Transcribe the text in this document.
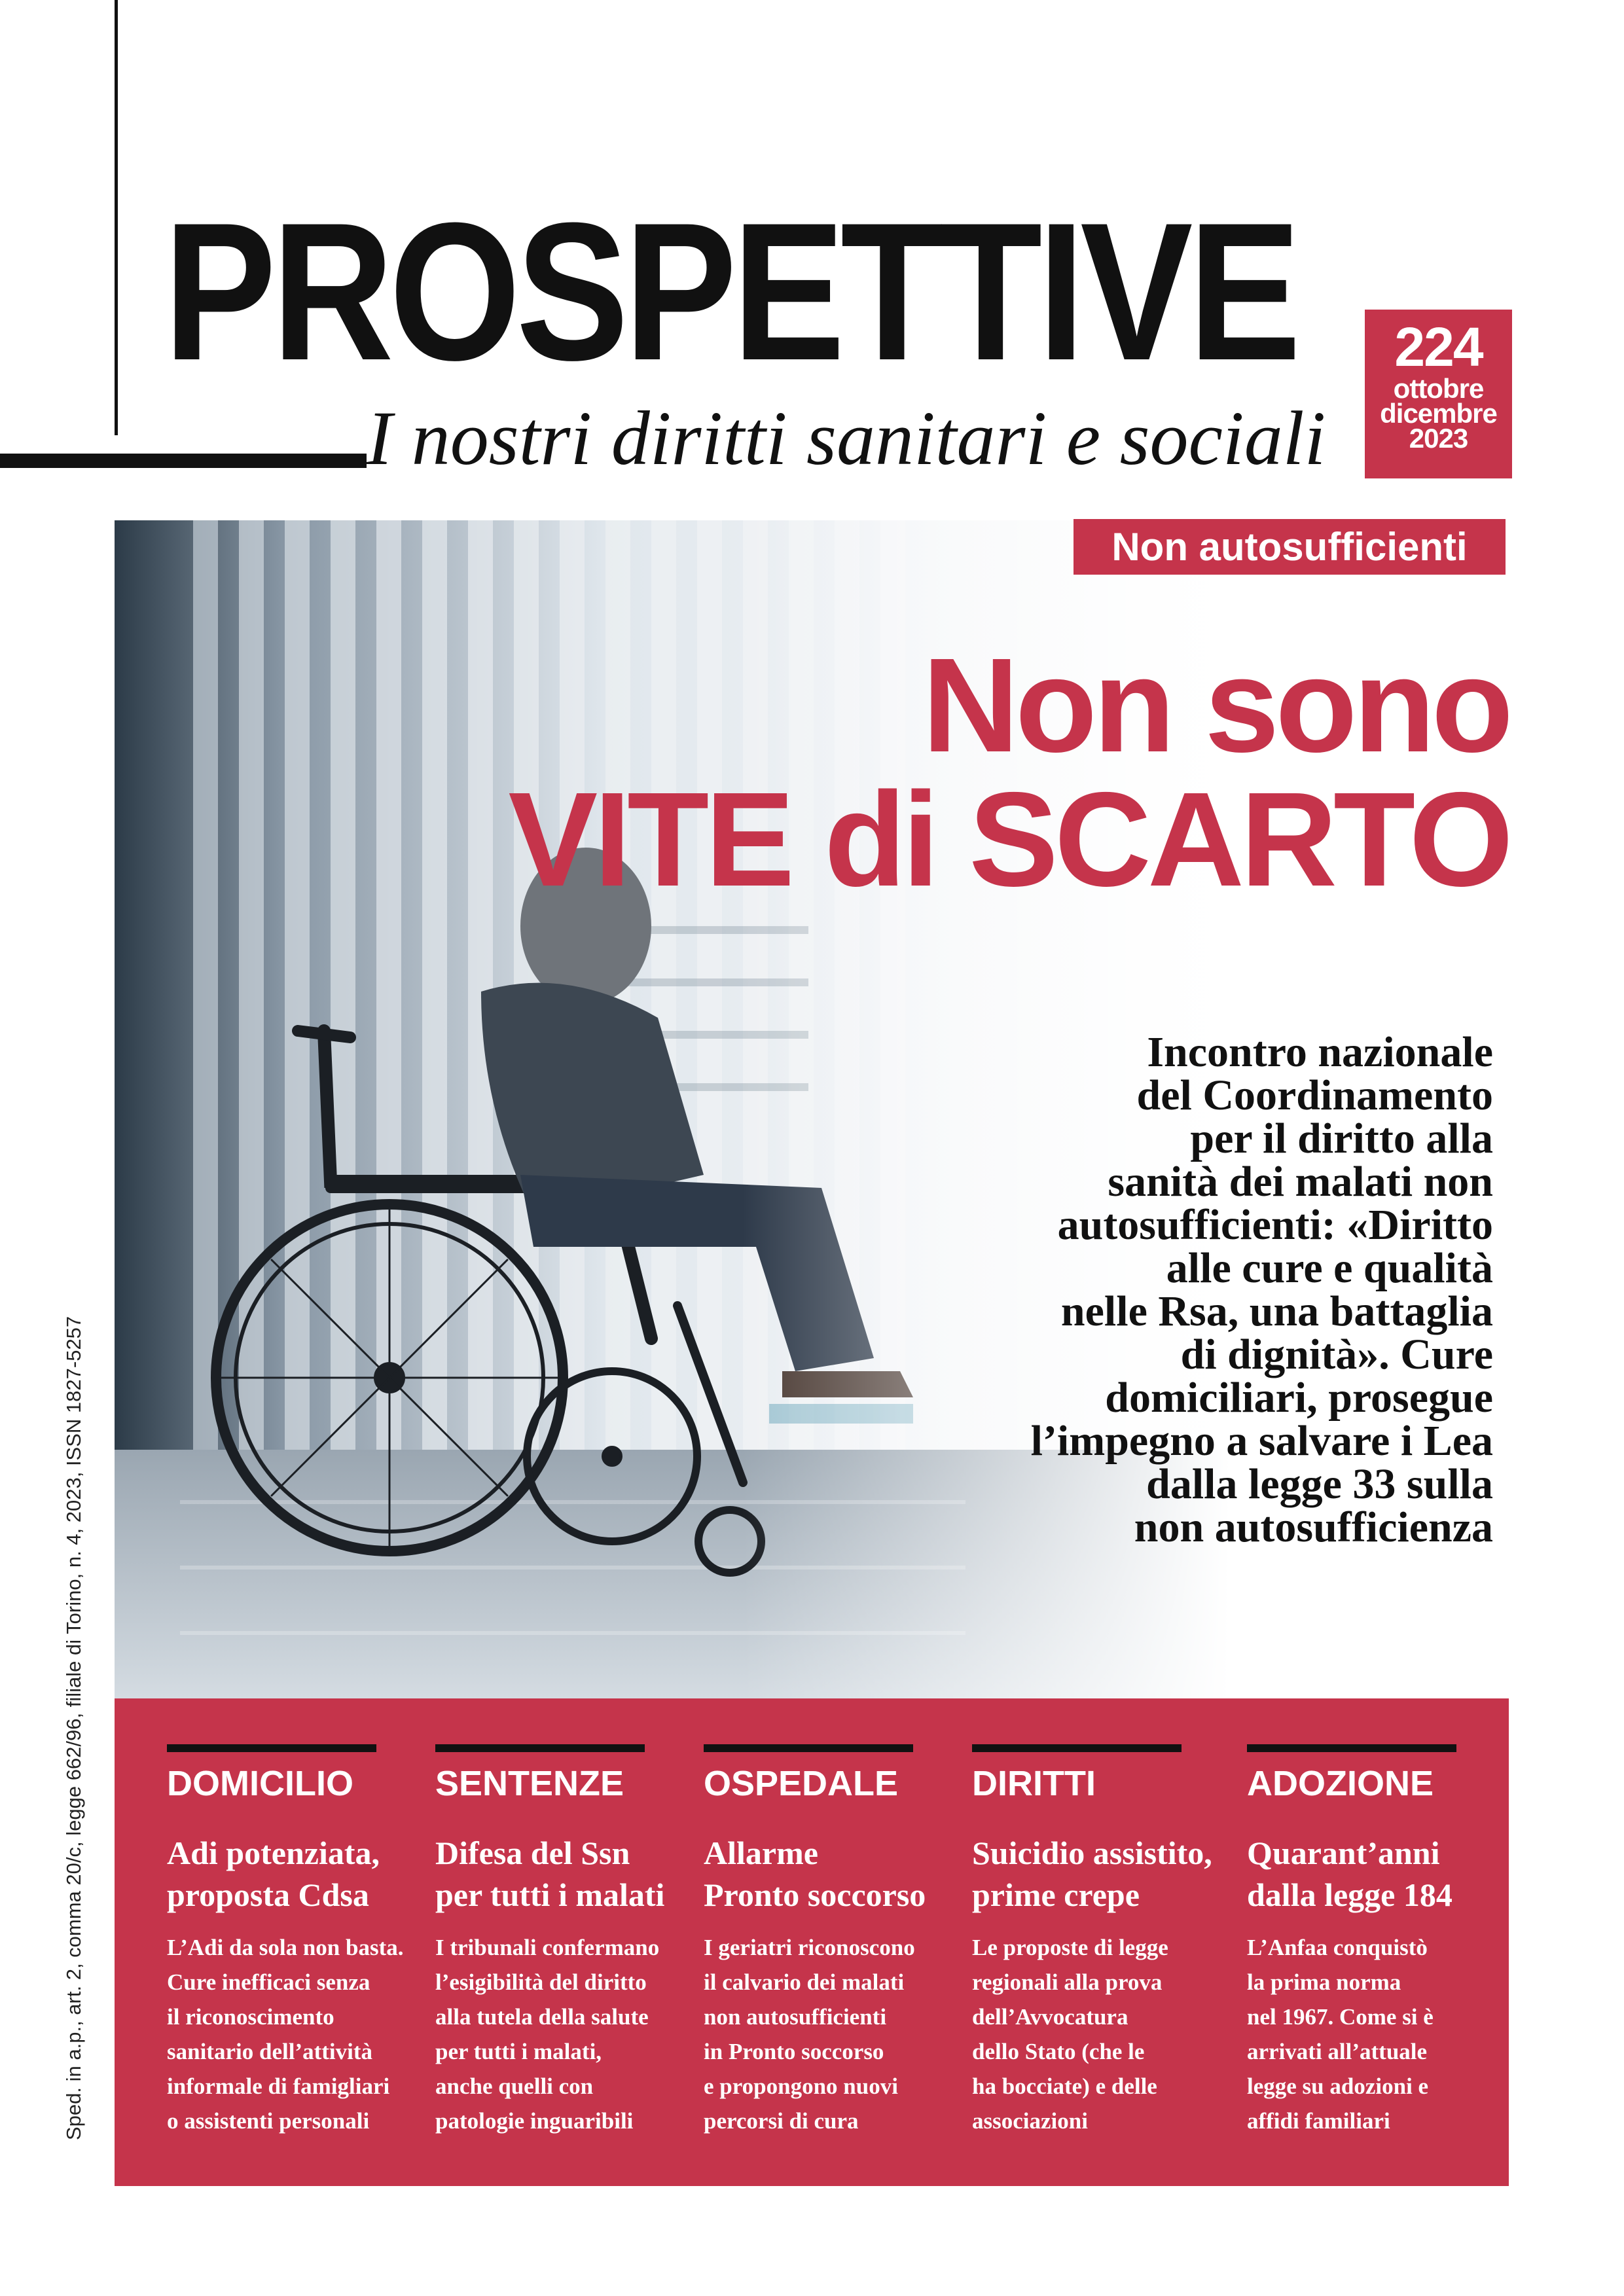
PROSPETTIVE
I nostri diritti sanitari e sociali
224
ottobre
dicembre
2023
Non autosufficienti
Non sono
VITE di SCARTO
Incontro nazionale
del Coordinamento
per il diritto alla
sanità dei malati non
autosufficienti: «Diritto
alle cure e qualità
nelle Rsa, una battaglia
di dignità». Cure
domiciliari, prosegue
l’impegno a salvare i Lea
dalla legge 33 sulla
non autosufficienza
Sped. in a.p., art. 2, comma 20/c, legge 662/96, filiale di Torino, n. 4, 2023, ISSN 1827-5257 DOMICILIO
Adi potenziata,
proposta Cdsa
L’Adi da sola non basta.
Cure inefficaci senza
il riconoscimento
sanitario dell’attività
informale di famigliari
o assistenti personali
SENTENZE
Difesa del Ssn
per tutti i malati
I tribunali confermano
l’esigibilità del diritto
alla tutela della salute
per tutti i malati,
anche quelli con
patologie inguaribili
OSPEDALE
Allarme
Pronto soccorso
I geriatri riconoscono
il calvario dei malati
non autosufficienti
in Pronto soccorso
e propongono nuovi
percorsi di cura
DIRITTI
Suicidio assistito,
prime crepe
Le proposte di legge
regionali alla prova
dell’Avvocatura
dello Stato (che le
ha bocciate) e delle
associazioni
ADOZIONE
Quarant’anni
dalla legge 184
L’Anfaa conquistò
la prima norma
nel 1967. Come si è
arrivati all’attuale
legge su adozioni e
affidi familiari
